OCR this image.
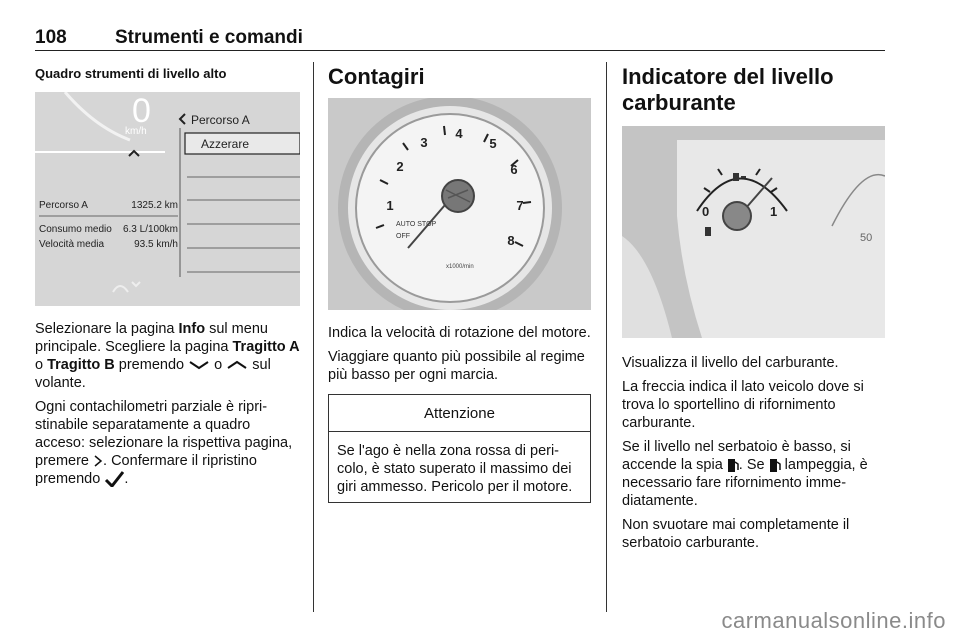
108	Strumenti e comandi
Quadro strumenti di livello alto
0
km/h
Percorso A
Azzerare
Percorso A	1325.2 km
Consumo medio 6.3 L/100km
Velocità media	93.5 km/h

Selezionare la pagina Info sul menu principale. Scegliere la pagina Tragitto A o Tragitto B premendo  o  sul volante.

Ogni contachilometri parziale è ripri- stinabile separatamente a quadro acceso: selezionare la rispettiva pagina, premere . Confermare il ripristino premendo .

Contagiri
1
2
3
4
5
6
7
8
AUTO STOP
OFF
x1000/min

Indica la velocità di rotazione del motore.

Viaggiare quanto più possibile al regime più basso per ogni marcia.

Attenzione
Se l'ago è nella zona rossa di peri- colo, è stato superato il massimo dei giri ammesso. Pericolo per il motore.
Indicatore del livello carburante
0	1
50

Visualizza il livello del carburante.

La freccia indica il lato veicolo dove si trova lo sportellino di rifornimento carburante.

Se il livello nel serbatoio è basso, si accende la spia . Se  lampeggia, è necessario fare rifornimento imme- diatamente.

Non svuotare mai completamente il serbatoio carburante.

carmanualsonline.info
